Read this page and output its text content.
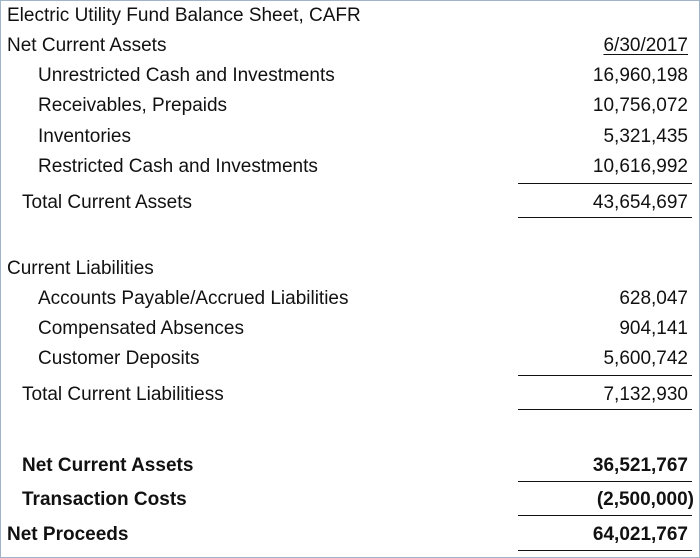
Electric Utility Fund Balance Sheet, CAFR
Net Current Assets	6/30/2017
Unrestricted Cash and Investments	16,960,198
Receivables, Prepaids	10,756,072
Inventories	5,321,435
Restricted Cash and Investments	10,616,992
Total Current Assets	43,654,697
Current Liabilities
Accounts Payable/Accrued Liabilities	628,047
Compensated Absences	904,141
Customer Deposits	5,600,742
Total Current Liabilitiess	7,132,930
Net Current Assets	36,521,767
Transaction Costs	(2,500,000)
Net Proceeds	64,021,767
